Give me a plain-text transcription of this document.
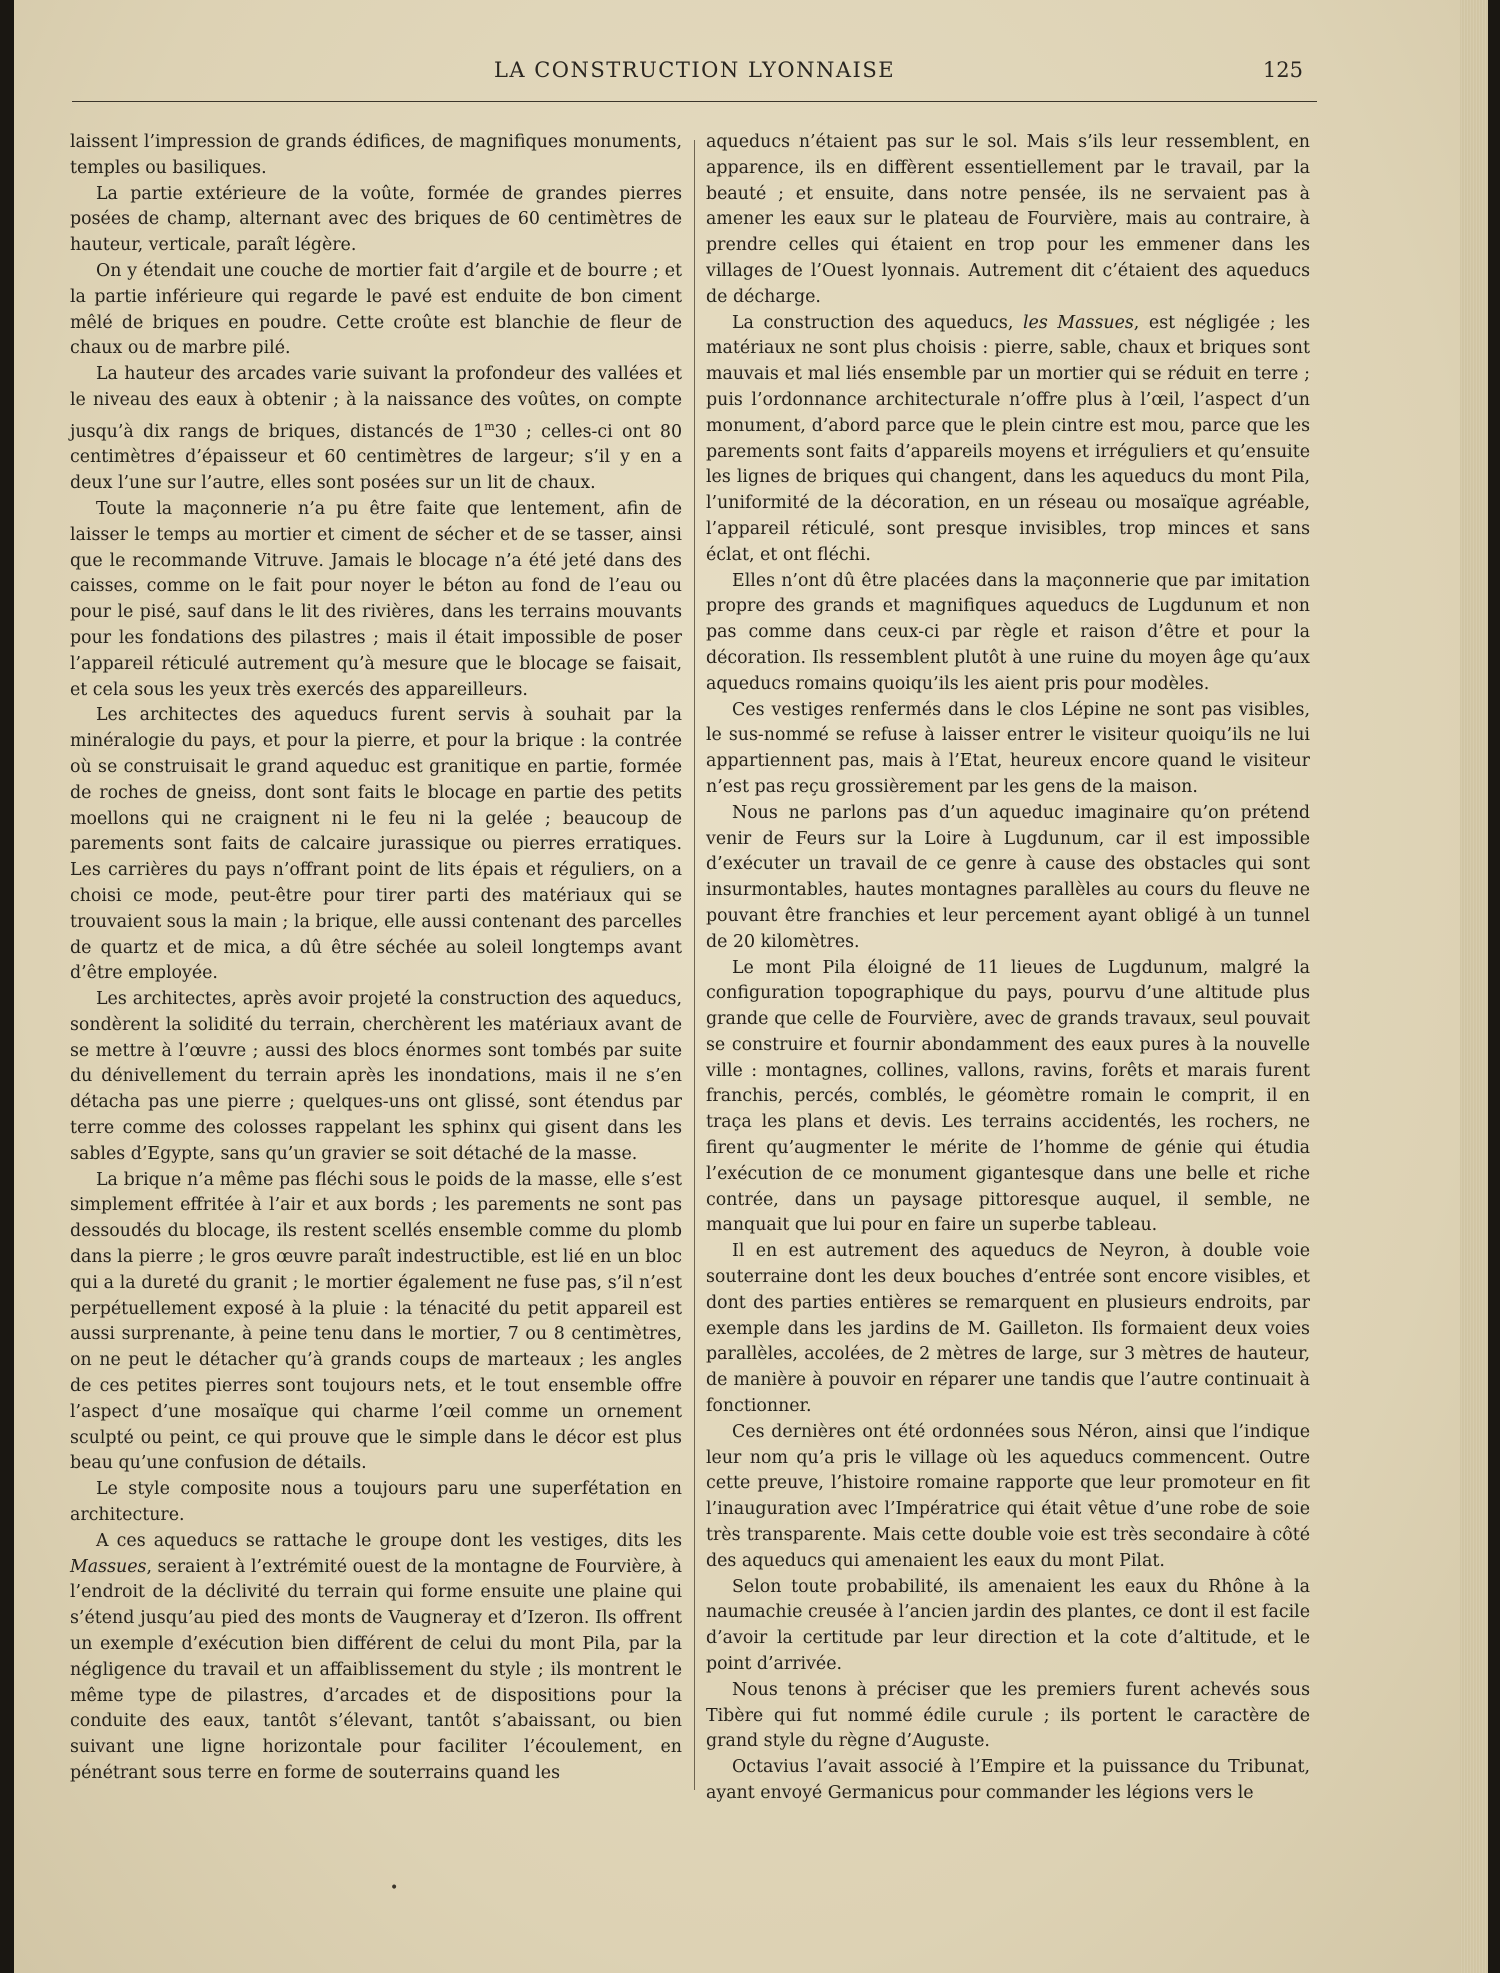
LA CONSTRUCTION LYONNAISE	125

laissent l’impression de grands édifices, de magnifiques monuments, temples ou basiliques.

La partie extérieure de la voûte, formée de grandes pierres posées de champ, alternant avec des briques de 60 centimètres de hauteur, verticale, paraît légère.

On y étendait une couche de mortier fait d’argile et de bourre ; et la partie inférieure qui regarde le pavé est enduite de bon ciment mêlé de briques en poudre. Cette croûte est blanchie de fleur de chaux ou de marbre pilé.

La hauteur des arcades varie suivant la profondeur des vallées et le niveau des eaux à obtenir ; à la naissance des voûtes, on compte jusqu’à dix rangs de briques, distancés de 1$^m$30 ; celles-ci ont 80 centimètres d’épaisseur et 60 centimètres de largeur; s’il y en a deux l’une sur l’autre, elles sont posées sur un lit de chaux.

Toute la maçonnerie n’a pu être faite que lentement, afin de laisser le temps au mortier et ciment de sécher et de se tasser, ainsi que le recommande Vitruve. Jamais le blocage n’a été jeté dans des caisses, comme on le fait pour noyer le béton au fond de l’eau ou pour le pisé, sauf dans le lit des rivières, dans les terrains mouvants pour les fondations des pilastres ; mais il était impossible de poser l’appareil réticulé autrement qu’à mesure que le blocage se faisait, et cela sous les yeux très exercés des appareilleurs.

Les architectes des aqueducs furent servis à souhait par la minéralogie du pays, et pour la pierre, et pour la brique : la contrée où se construisait le grand aqueduc est granitique en partie, formée de roches de gneiss, dont sont faits le blocage en partie des petits moellons qui ne craignent ni le feu ni la gelée ; beaucoup de parements sont faits de calcaire jurassique ou pierres erratiques. Les carrières du pays n’offrant point de lits épais et réguliers, on a choisi ce mode, peut-être pour tirer parti des matériaux qui se trouvaient sous la main ; la brique, elle aussi contenant des parcelles de quartz et de mica, a dû être séchée au soleil longtemps avant d’être employée.

Les architectes, après avoir projeté la construction des aqueducs, sondèrent la solidité du terrain, cherchèrent les matériaux avant de se mettre à l’œuvre ; aussi des blocs énormes sont tombés par suite du dénivellement du terrain après les inondations, mais il ne s’en détacha pas une pierre ; quelques-uns ont glissé, sont étendus par terre comme des colosses rappelant les sphinx qui gisent dans les sables d’Egypte, sans qu’un gravier se soit détaché de la masse.

La brique n’a même pas fléchi sous le poids de la masse, elle s’est simplement effritée à l’air et aux bords ; les parements ne sont pas dessoudés du blocage, ils restent scellés ensemble comme du plomb dans la pierre ; le gros œuvre paraît indestructible, est lié en un bloc qui a la dureté du granit ; le mortier également ne fuse pas, s’il n’est perpétuellement exposé à la pluie : la ténacité du petit appareil est aussi surprenante, à peine tenu dans le mortier, 7 ou 8 centimètres, on ne peut le détacher qu’à grands coups de marteaux ; les angles de ces petites pierres sont toujours nets, et le tout ensemble offre l’aspect d’une mosaïque qui charme l’œil comme un ornement sculpté ou peint, ce qui prouve que le simple dans le décor est plus beau qu’une confusion de détails.

Le style composite nous a toujours paru une superfétation en architecture.

A ces aqueducs se rattache le groupe dont les vestiges, dits les Massues, seraient à l’extrémité ouest de la montagne de Fourvière, à l’endroit de la déclivité du terrain qui forme ensuite une plaine qui s’étend jusqu’au pied des monts de Vaugneray et d’Izeron. Ils offrent un exemple d’exécution bien différent de celui du mont Pila, par la négligence du travail et un affaiblissement du style ; ils montrent le même type de pilastres, d’arcades et de dispositions pour la conduite des eaux, tantôt s’élevant, tantôt s’abaissant, ou bien suivant une ligne horizontale pour faciliter l’écoulement, en pénétrant sous terre en forme de souterrains quand les

aqueducs n’étaient pas sur le sol. Mais s’ils leur ressemblent, en apparence, ils en diffèrent essentiellement par le travail, par la beauté ; et ensuite, dans notre pensée, ils ne servaient pas à amener les eaux sur le plateau de Fourvière, mais au contraire, à prendre celles qui étaient en trop pour les emmener dans les villages de l’Ouest lyonnais. Autrement dit c’étaient des aqueducs de décharge.

La construction des aqueducs, les Massues, est négligée ; les matériaux ne sont plus choisis : pierre, sable, chaux et briques sont mauvais et mal liés ensemble par un mortier qui se réduit en terre ; puis l’ordonnance architecturale n’offre plus à l’œil, l’aspect d’un monument, d’abord parce que le plein cintre est mou, parce que les parements sont faits d’appareils moyens et irréguliers et qu’ensuite les lignes de briques qui changent, dans les aqueducs du mont Pila, l’uniformité de la décoration, en un réseau ou mosaïque agréable, l’appareil réticulé, sont presque invisibles, trop minces et sans éclat, et ont fléchi.

Elles n’ont dû être placées dans la maçonnerie que par imitation propre des grands et magnifiques aqueducs de Lugdunum et non pas comme dans ceux-ci par règle et raison d’être et pour la décoration. Ils ressemblent plutôt à une ruine du moyen âge qu’aux aqueducs romains quoiqu’ils les aient pris pour modèles.

Ces vestiges renfermés dans le clos Lépine ne sont pas visibles, le sus-nommé se refuse à laisser entrer le visiteur quoiqu’ils ne lui appartiennent pas, mais à l’Etat, heureux encore quand le visiteur n’est pas reçu grossièrement par les gens de la maison.

Nous ne parlons pas d’un aqueduc imaginaire qu’on prétend venir de Feurs sur la Loire à Lugdunum, car il est impossible d’exécuter un travail de ce genre à cause des obstacles qui sont insurmontables, hautes montagnes parallèles au cours du fleuve ne pouvant être franchies et leur percement ayant obligé à un tunnel de 20 kilomètres.

Le mont Pila éloigné de 11 lieues de Lugdunum, malgré la configuration topographique du pays, pourvu d’une altitude plus grande que celle de Fourvière, avec de grands travaux, seul pouvait se construire et fournir abondamment des eaux pures à la nouvelle ville : montagnes, collines, vallons, ravins, forêts et marais furent franchis, percés, comblés, le géomètre romain le comprit, il en traça les plans et devis. Les terrains accidentés, les rochers, ne firent qu’augmenter le mérite de l’homme de génie qui étudia l’exécution de ce monument gigantesque dans une belle et riche contrée, dans un paysage pittoresque auquel, il semble, ne manquait que lui pour en faire un superbe tableau.

Il en est autrement des aqueducs de Neyron, à double voie souterraine dont les deux bouches d’entrée sont encore visibles, et dont des parties entières se remarquent en plusieurs endroits, par exemple dans les jardins de M. Gailleton. Ils formaient deux voies parallèles, accolées, de 2 mètres de large, sur 3 mètres de hauteur, de manière à pouvoir en réparer une tandis que l’autre continuait à fonctionner.

Ces dernières ont été ordonnées sous Néron, ainsi que l’indique leur nom qu’a pris le village où les aqueducs commencent. Outre cette preuve, l’histoire romaine rapporte que leur promoteur en fit l’inauguration avec l’Impératrice qui était vêtue d’une robe de soie très transparente. Mais cette double voie est très secondaire à côté des aqueducs qui amenaient les eaux du mont Pilat.

Selon toute probabilité, ils amenaient les eaux du Rhône à la naumachie creusée à l’ancien jardin des plantes, ce dont il est facile d’avoir la certitude par leur direction et la cote d’altitude, et le point d’arrivée.

Nous tenons à préciser que les premiers furent achevés sous Tibère qui fut nommé édile curule ; ils portent le caractère de grand style du règne d’Auguste.

Octavius l’avait associé à l’Empire et la puissance du Tribunat, ayant envoyé Germanicus pour commander les légions vers le

•
